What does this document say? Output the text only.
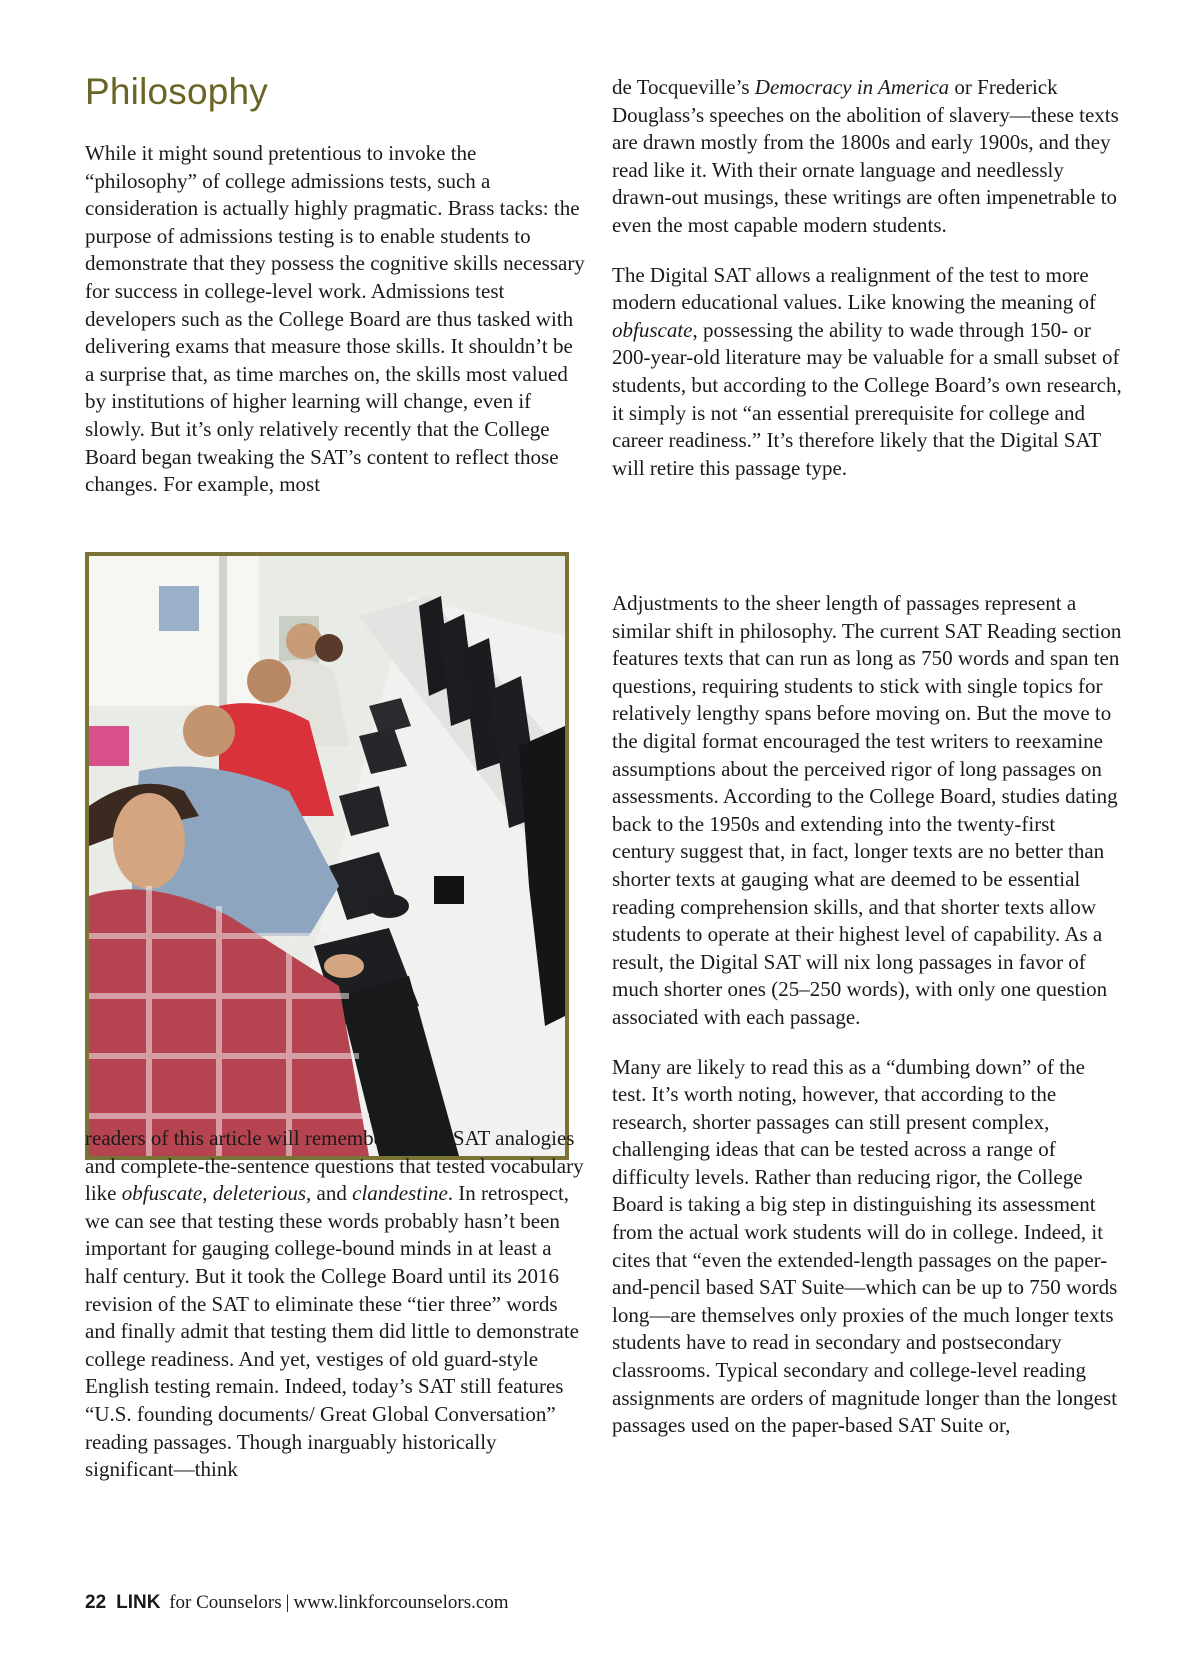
Philosophy

While it might sound pretentious to invoke the “philosophy” of college admissions tests, such a consideration is actually highly pragmatic. Brass tacks: the purpose of admissions testing is to enable students to demonstrate that they possess the cognitive skills necessary for success in college-level work. Admissions test developers such as the College Board are thus tasked with delivering exams that measure those skills. It shouldn’t be a surprise that, as time marches on, the skills most valued by institutions of higher learning will change, even if slowly. But it’s only relatively recently that the College Board began tweaking the SAT’s content to reflect those changes. For example, most

readers of this article will remember facing SAT analogies and complete-the-sentence questions that tested vocabulary like obfuscate, deleterious, and clandestine. In retrospect, we can see that testing these words probably hasn’t been important for gauging college-bound minds in at least a half century. But it took the College Board until its 2016 revision of the SAT to eliminate these “tier three” words and finally admit that testing them did little to demonstrate college readiness. And yet, vestiges of old guard-style English testing remain. Indeed, today’s SAT still features “U.S. founding documents/ Great Global Conversation” reading passages. Though inarguably historically significant—think

de Tocqueville’s Democracy in America or Frederick Douglass’s speeches on the abolition of slavery—these texts are drawn mostly from the 1800s and early 1900s, and they read like it. With their ornate language and needlessly drawn-out musings, these writings are often impenetrable to even the most capable modern students.

The Digital SAT allows a realignment of the test to more modern educational values. Like knowing the meaning of obfuscate, possessing the ability to wade through 150- or 200-year-old literature may be valuable for a small subset of students, but according to the College Board’s own research, it simply is not “an essential prerequisite for college and career readiness.” It’s therefore likely that the Digital SAT will retire this passage type.

Adjustments to the sheer length of passages represent a similar shift in philosophy. The current SAT Reading section features texts that can run as long as 750 words and span ten questions, requiring students to stick with single topics for relatively lengthy spans before moving on. But the move to the digital format encouraged the test writers to reexamine assumptions about the perceived rigor of long passages on assessments. According to the College Board, studies dating back to the 1950s and extending into the twenty-first century suggest that, in fact, longer texts are no better than shorter texts at gauging what are deemed to be essential reading comprehension skills, and that shorter texts allow students to operate at their highest level of capability. As a result, the Digital SAT will nix long passages in favor of much shorter ones (25–250 words), with only one question associated with each passage.

Many are likely to read this as a “dumbing down” of the test. It’s worth noting, however, that according to the research, shorter passages can still present complex, challenging ideas that can be tested across a range of difficulty levels. Rather than reducing rigor, the College Board is taking a big step in distinguishing its assessment from the actual work students will do in college. Indeed, it cites that “even the extended-length passages on the paper-and-pencil based SAT Suite—which can be up to 750 words long—are themselves only proxies of the much longer texts students have to read in secondary and postsecondary classrooms. Typical secondary and college-level reading assignments are orders of magnitude longer than the longest passages used on the paper-based SAT Suite or,

22 LINK for Counselors | www.linkforcounselors.com
